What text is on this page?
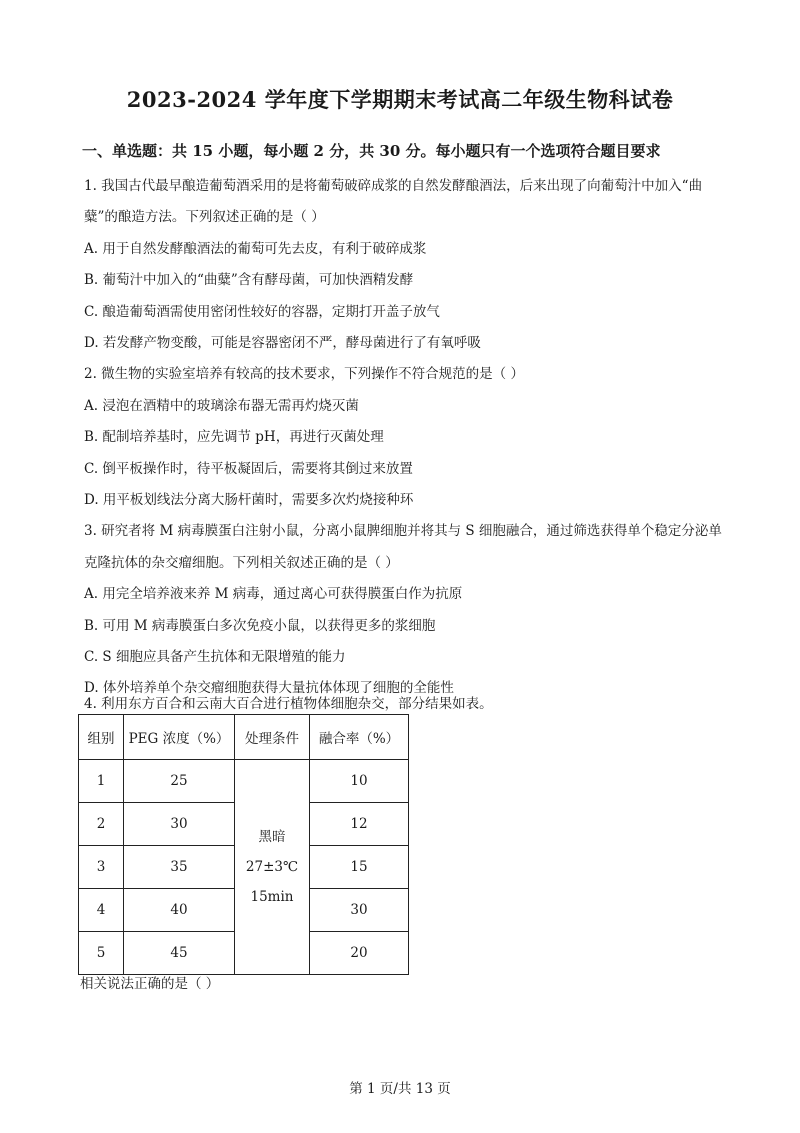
2023-2024 学年度下学期期末考试高二年级生物科试卷
一、单选题：共 15 小题，每小题 2 分，共 30 分。每小题只有一个选项符合题目要求
1. 我国古代最早酿造葡萄酒采用的是将葡萄破碎成浆的自然发酵酿酒法，后来出现了向葡萄汁中加入“曲
糵”的酿造方法。下列叙述正确的是（ ）
A. 用于自然发酵酿酒法的葡萄可先去皮，有利于破碎成浆
B. 葡萄汁中加入的“曲糵”含有酵母菌，可加快酒精发酵
C. 酿造葡萄酒需使用密闭性较好的容器，定期打开盖子放气
D. 若发酵产物变酸，可能是容器密闭不严，酵母菌进行了有氧呼吸
2. 微生物的实验室培养有较高的技术要求，下列操作不符合规范的是（ ）
A. 浸泡在酒精中的玻璃涂布器无需再灼烧灭菌
B. 配制培养基时，应先调节 pH，再进行灭菌处理
C. 倒平板操作时，待平板凝固后，需要将其倒过来放置
D. 用平板划线法分离大肠杆菌时，需要多次灼烧接种环
3. 研究者将 M 病毒膜蛋白注射小鼠，分离小鼠脾细胞并将其与 S 细胞融合，通过筛选获得单个稳定分泌单
克隆抗体的杂交瘤细胞。下列相关叙述正确的是（ ）
A. 用完全培养液来养 M 病毒，通过离心可获得膜蛋白作为抗原
B. 可用 M 病毒膜蛋白多次免疫小鼠，以获得更多的浆细胞
C. S 细胞应具备产生抗体和无限增殖的能力
D. 体外培养单个杂交瘤细胞获得大量抗体体现了细胞的全能性
4. 利用东方百合和云南大百合进行植物体细胞杂交，部分结果如表。
组别	PEG 浓度（%）	处理条件	融合率（%）
1	25	黑暗
27±3℃
15min	10
2	30		12
3	35		15
4	40		30
5	45		20
相关说法正确的是（ ）
第 1 页/共 13 页
